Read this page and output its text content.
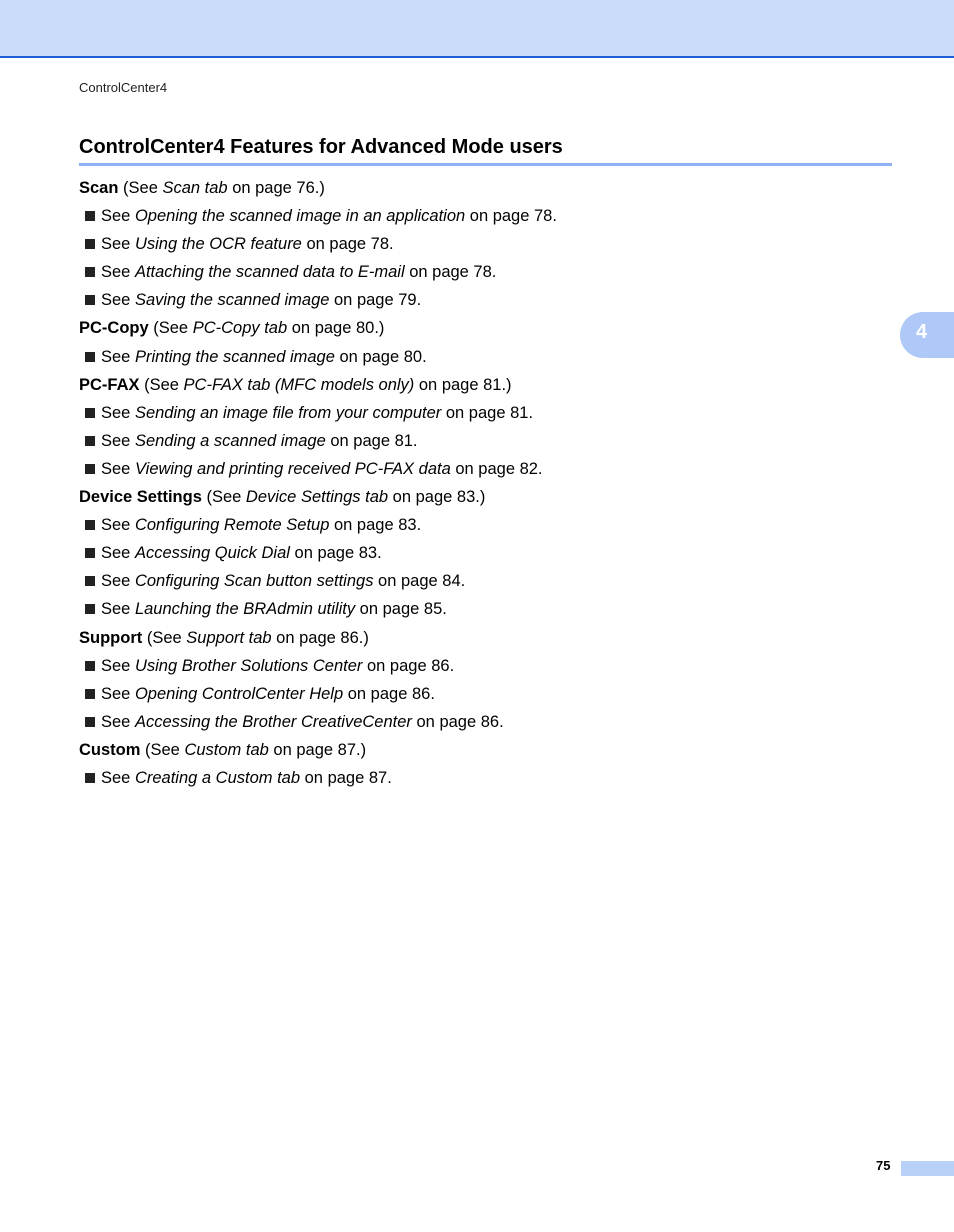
ControlCenter4
ControlCenter4 Features for Advanced Mode users
4
Scan (See Scan tab on page 76.)
See Opening the scanned image in an application on page 78.
See Using the OCR feature on page 78.
See Attaching the scanned data to E-mail on page 78.
See Saving the scanned image on page 79.
PC-Copy (See PC-Copy tab on page 80.)
See Printing the scanned image on page 80.
PC-FAX (See PC-FAX tab (MFC models only) on page 81.)
See Sending an image file from your computer on page 81.
See Sending a scanned image on page 81.
See Viewing and printing received PC-FAX data on page 82.
Device Settings (See Device Settings tab on page 83.)
See Configuring Remote Setup on page 83.
See Accessing Quick Dial on page 83.
See Configuring Scan button settings on page 84.
See Launching the BRAdmin utility on page 85.
Support (See Support tab on page 86.)
See Using Brother Solutions Center on page 86.
See Opening ControlCenter Help on page 86.
See Accessing the Brother CreativeCenter on page 86.
Custom (See Custom tab on page 87.)
See Creating a Custom tab on page 87.
75
